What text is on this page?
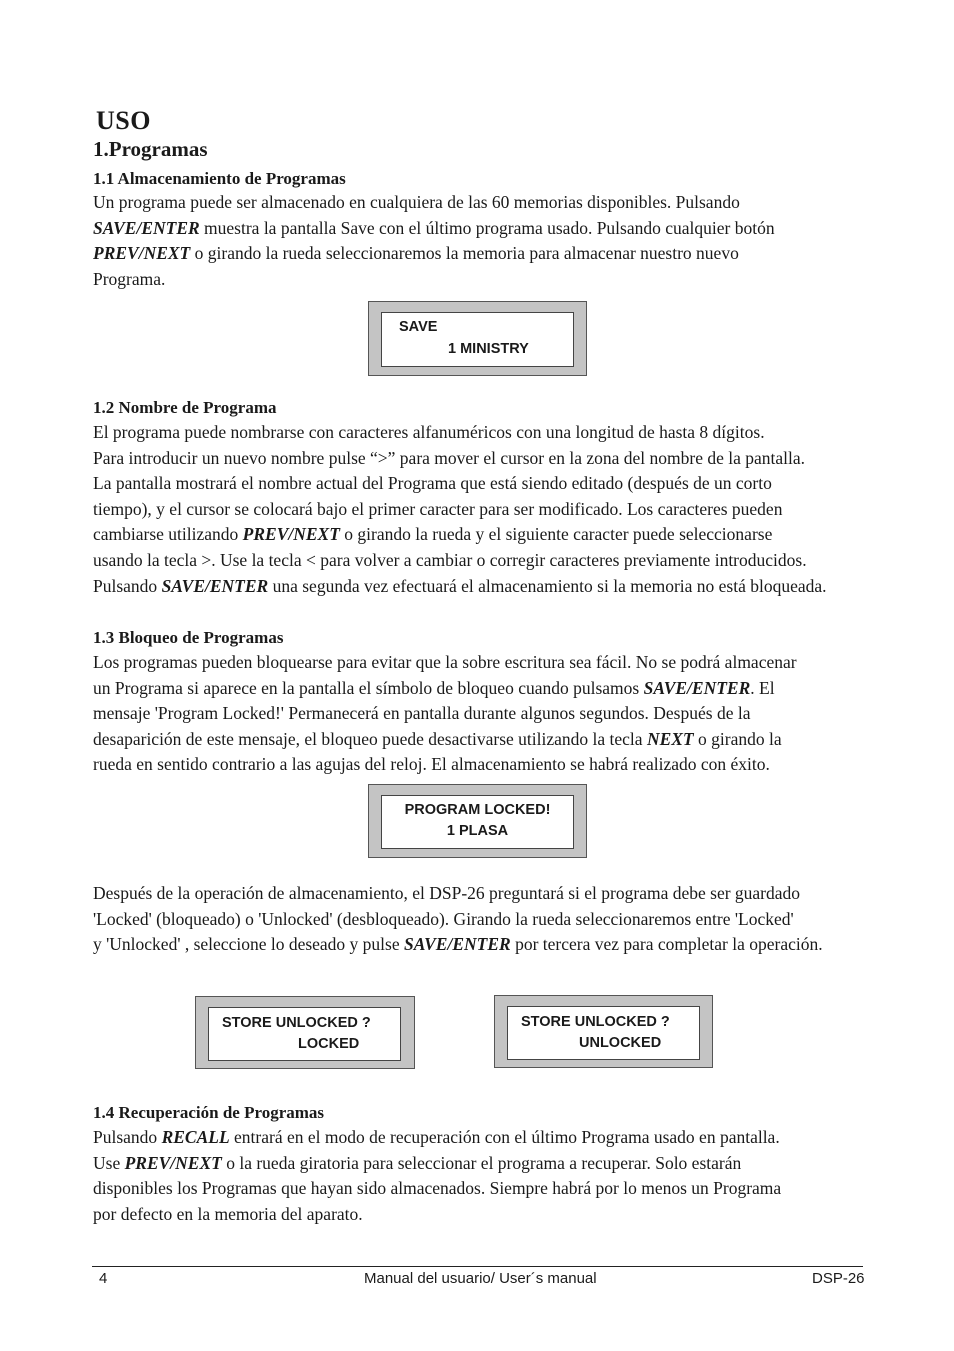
USO
1.Programas
1.1 Almacenamiento de Programas
Un programa puede ser almacenado en cualquiera de las 60 memorias disponibles. Pulsando
SAVE/ENTER muestra la pantalla Save con el último programa usado. Pulsando cualquier botón
PREV/NEXT o girando la rueda seleccionaremos la memoria para almacenar nuestro nuevo
Programa.
SAVE
1 MINISTRY
1.2 Nombre de Programa
El programa puede nombrarse con caracteres alfanuméricos con una longitud de hasta 8 dígitos.
Para introducir un nuevo nombre pulse “>” para mover el cursor en la zona del nombre de la pantalla.
La pantalla mostrará el nombre actual del Programa que está siendo editado (después de un corto
tiempo), y el cursor se colocará bajo el primer caracter para ser modificado. Los caracteres pueden
cambiarse utilizando PREV/NEXT o girando la rueda y el siguiente caracter puede seleccionarse
usando la tecla >. Use la tecla < para volver a cambiar o corregir caracteres previamente introducidos.
Pulsando SAVE/ENTER una segunda vez efectuará el almacenamiento si la memoria no está bloqueada.
1.3 Bloqueo de Programas
Los programas pueden bloquearse para evitar que la sobre escritura sea fácil. No se podrá almacenar
un Programa si aparece en la pantalla el símbolo de bloqueo cuando pulsamos SAVE/ENTER. El
mensaje 'Program Locked!' Permanecerá en pantalla durante algunos segundos. Después de la
desaparición de este mensaje, el bloqueo puede desactivarse utilizando la tecla NEXT o girando la
rueda en sentido contrario a las agujas del reloj. El almacenamiento se habrá realizado con éxito.
PROGRAM LOCKED!
1 PLASA
Después de la operación de almacenamiento, el DSP-26 preguntará si el programa debe ser guardado
'Locked' (bloqueado) o 'Unlocked' (desbloqueado). Girando la rueda seleccionaremos entre 'Locked'
y 'Unlocked' , seleccione lo deseado y pulse SAVE/ENTER por tercera vez para completar la operación.
STORE UNLOCKED ?
LOCKED
STORE UNLOCKED ?
UNLOCKED
1.4 Recuperación de Programas
Pulsando RECALL entrará en el modo de recuperación con el último Programa usado en pantalla.
Use PREV/NEXT o la rueda giratoria para seleccionar el programa a recuperar. Solo estarán
disponibles los Programas que hayan sido almacenados. Siempre habrá por lo menos un Programa
por defecto en la memoria del aparato.
4	Manual del usuario/ User´s manual	DSP-26
